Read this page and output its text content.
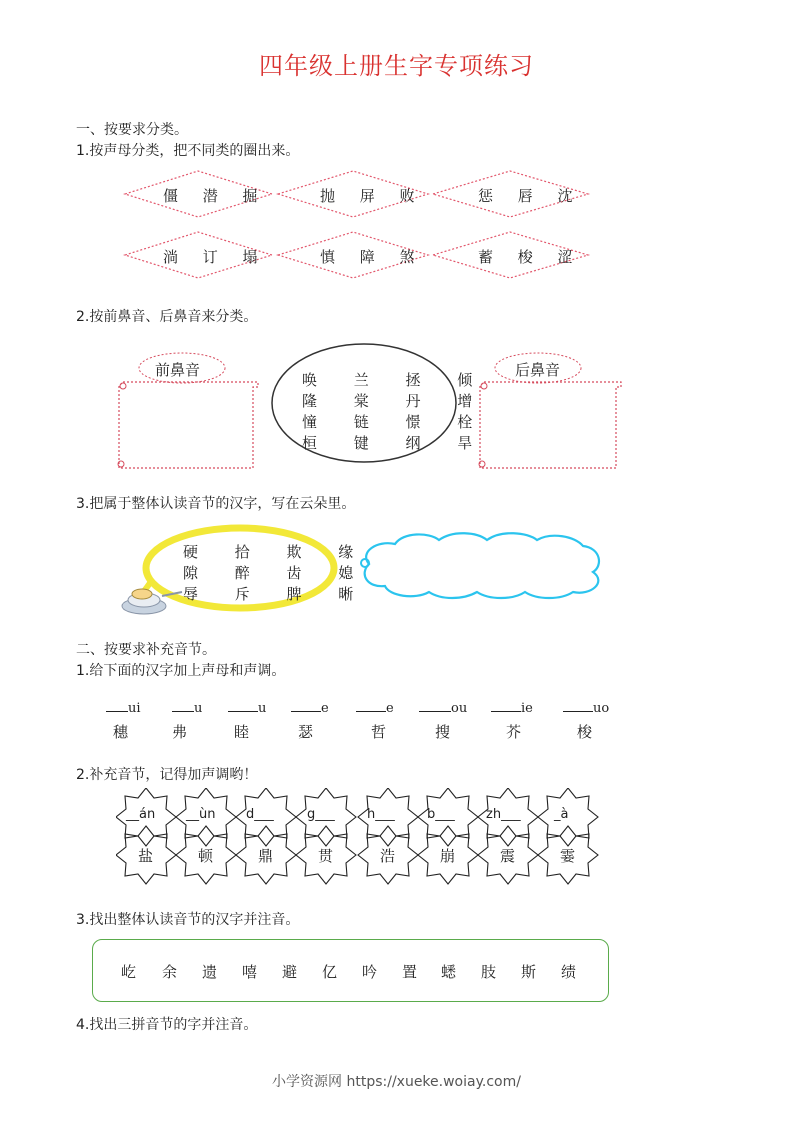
四年级上册生字专项练习
一、按要求分类。
1.按声母分类，把不同类的圈出来。
僵 潜 掘	抛 屏 败	惩 唇 沈
淌 订 塌	慎 障 煞	蓄 梭 涩
2.按前鼻音、后鼻音来分类。
前鼻音
唤 兰 拯 倾
隆 棠 丹 增
憧 链 憬 栓
桓 键 纲 旱
后鼻音
3.把属于整体认读音节的汉字，写在云朵里。
硬 拾 欺 缘
隙 醉 齿 媳
辱 斥 脾 晰
二、按要求补充音节。
1.给下面的汉字加上声母和声调。
ui	u	u	e	e	ou	ie	uo
穗	弗	睦	瑟	哲	搜	芥	梭
2.补充音节，记得加声调哟！
__án __ùn d___	g___ h___ b___ zh___	_à
盐	顿	鼎	贯	浩	崩	震	霎
3.找出整体认读音节的汉字并注音。
屹 余 遗 嘻 避 亿 吟 置 蟋 肢 斯 绩
4.找出三拼音节的字并注音。
小学资源网 https://xueke.woiay.com/
